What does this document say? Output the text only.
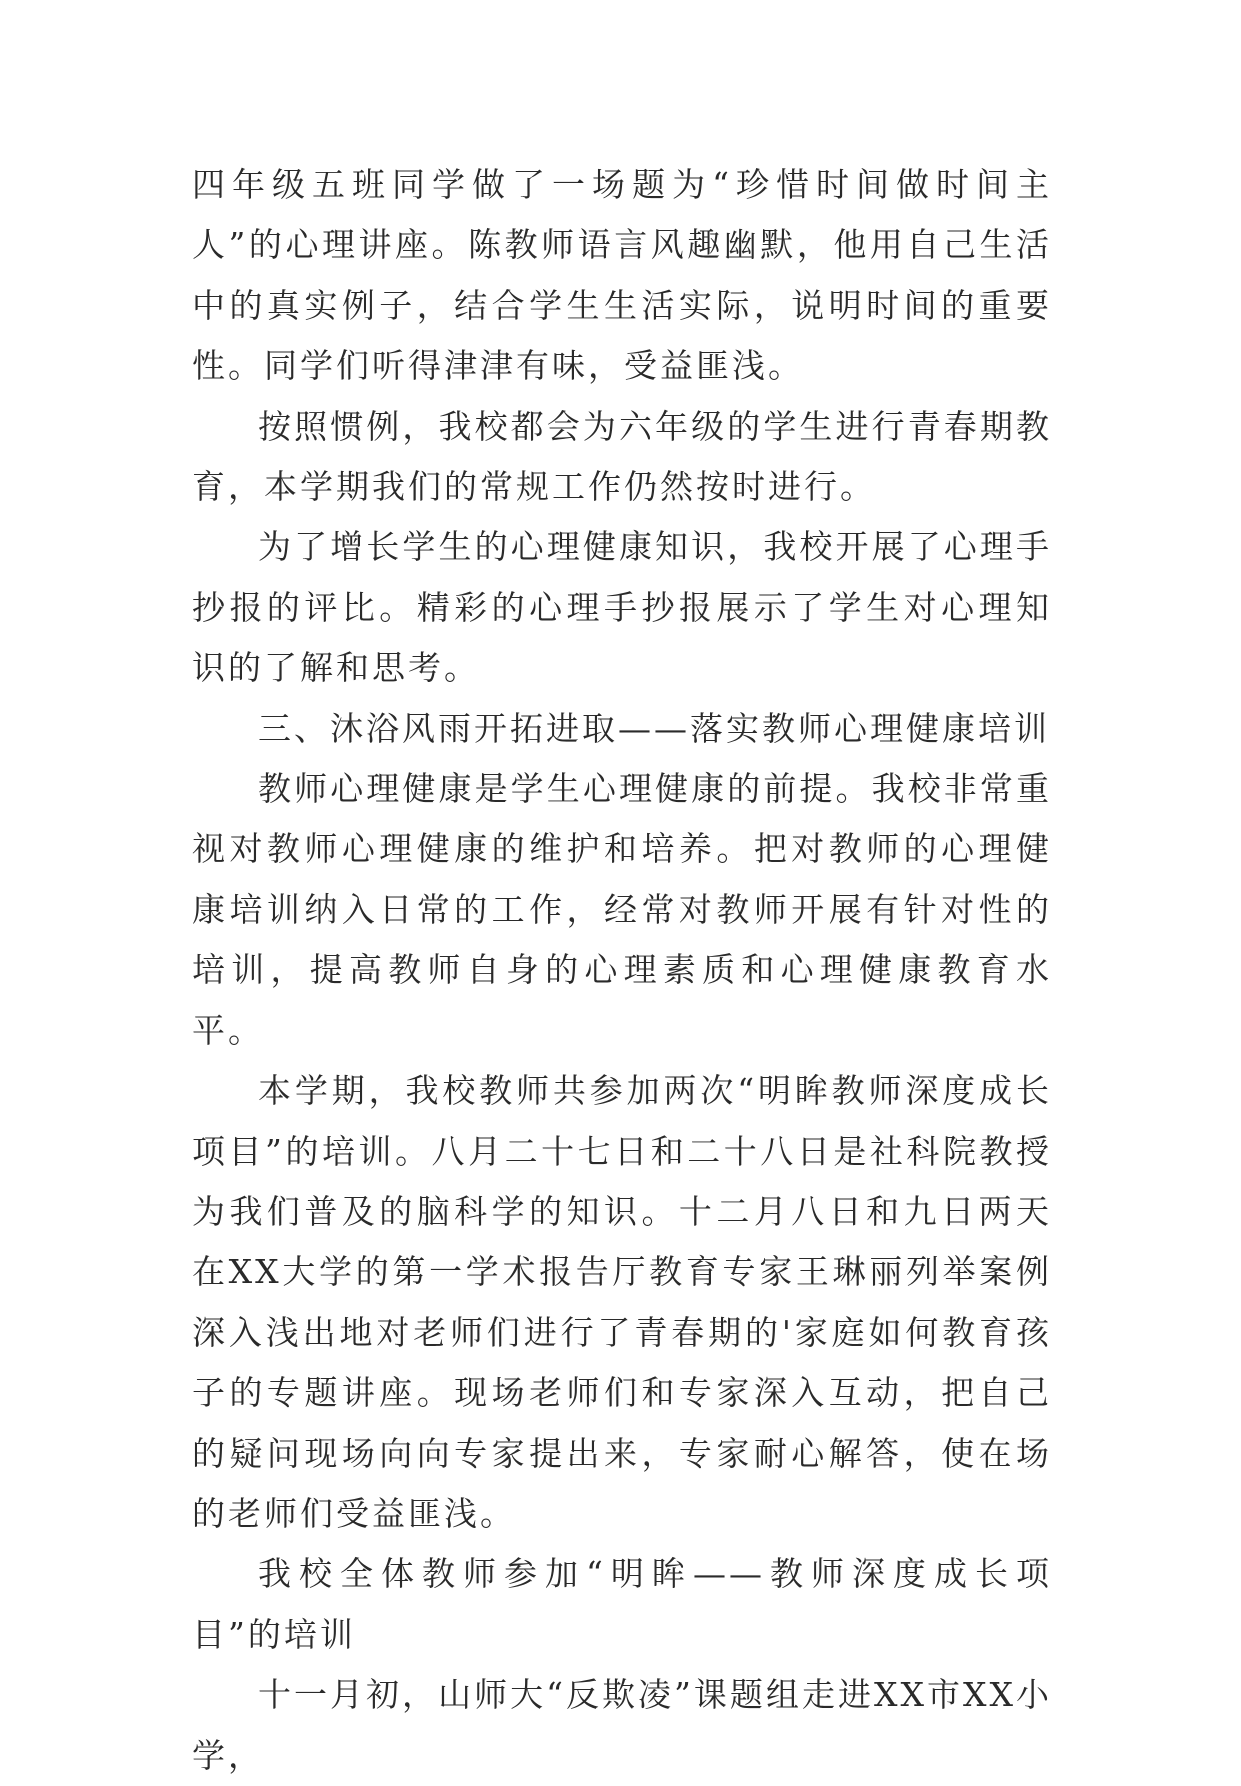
四年级五班同学做了一场题为“珍惜时间做时间主人”的心理讲座。陈教师语言风趣幽默，他用自己生活中的真实例子，结合学生生活实际，说明时间的重要性。同学们听得津津有味，受益匪浅。

按照惯例，我校都会为六年级的学生进行青春期教育，本学期我们的常规工作仍然按时进行。

为了增长学生的心理健康知识，我校开展了心理手抄报的评比。精彩的心理手抄报展示了学生对心理知识的了解和思考。

三、沐浴风雨开拓进取——落实教师心理健康培训

教师心理健康是学生心理健康的前提。我校非常重视对教师心理健康的维护和培养。把对教师的心理健康培训纳入日常的工作，经常对教师开展有针对性的培训，提高教师自身的心理素质和心理健康教育水平。

本学期，我校教师共参加两次“明眸教师深度成长项目”的培训。八月二十七日和二十八日是社科院教授为我们普及的脑科学的知识。十二月八日和九日两天在XX大学的第一学术报告厅教育专家王琳丽列举案例深入浅出地对老师们进行了青春期的'家庭如何教育孩子的专题讲座。现场老师们和专家深入互动，把自己的疑问现场向向专家提出来，专家耐心解答，使在场的老师们受益匪浅。

我校全体教师参加“明眸——教师深度成长项目”的培训

十一月初，山师大“反欺凌”课题组走进XX市XX小学，
